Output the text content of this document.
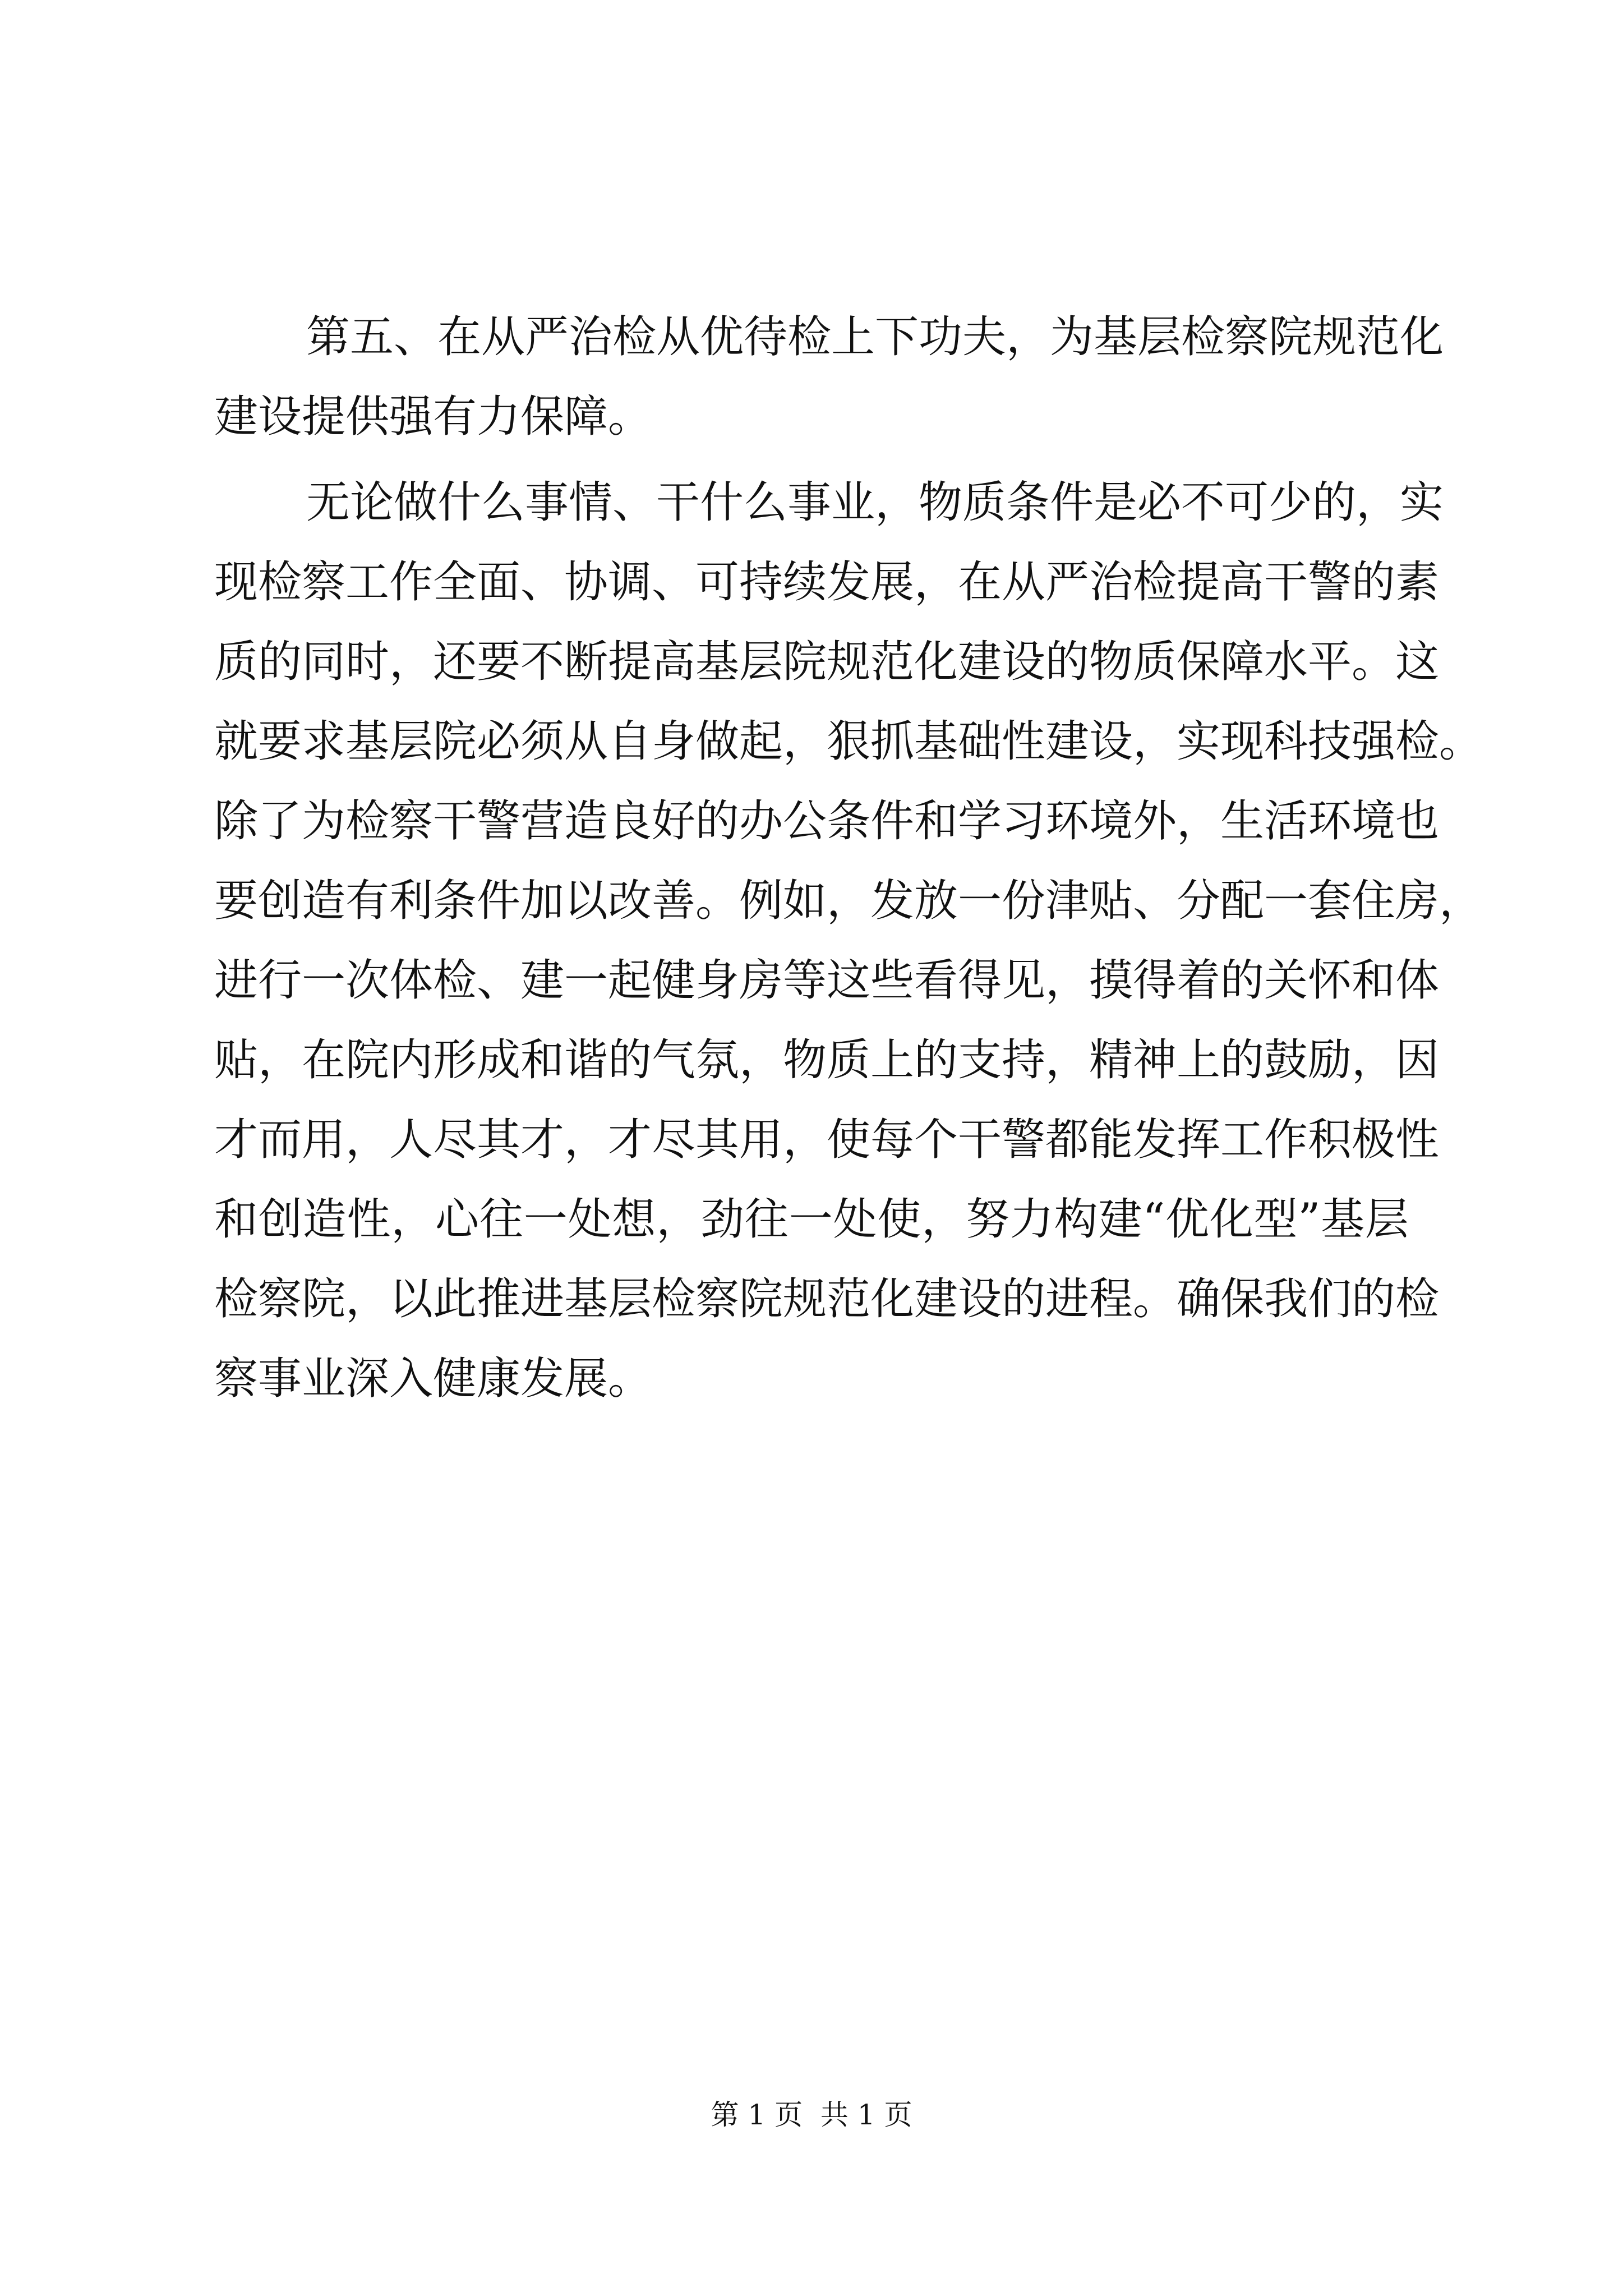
第五、在从严治检从优待检上下功夫，为基层检察院规范化
建设提供强有力保障。
无论做什么事情、干什么事业，物质条件是必不可少的，实
现检察工作全面、协调、可持续发展，在从严治检提高干警的素
质的同时，还要不断提高基层院规范化建设的物质保障水平。这
就要求基层院必须从自身做起，狠抓基础性建设，实现科技强检。
除了为检察干警营造良好的办公条件和学习环境外，生活环境也
要创造有利条件加以改善。例如，发放一份津贴、分配一套住房，
进行一次体检、建一起健身房等这些看得见，摸得着的关怀和体
贴，在院内形成和谐的气氛，物质上的支持，精神上的鼓励，因
才而用，人尽其才，才尽其用，使每个干警都能发挥工作积极性
和创造性，心往一处想，劲往一处使，努力构建“优化型”基层
检察院，以此推进基层检察院规范化建设的进程。确保我们的检
察事业深入健康发展。
第 1 页  共 1 页
